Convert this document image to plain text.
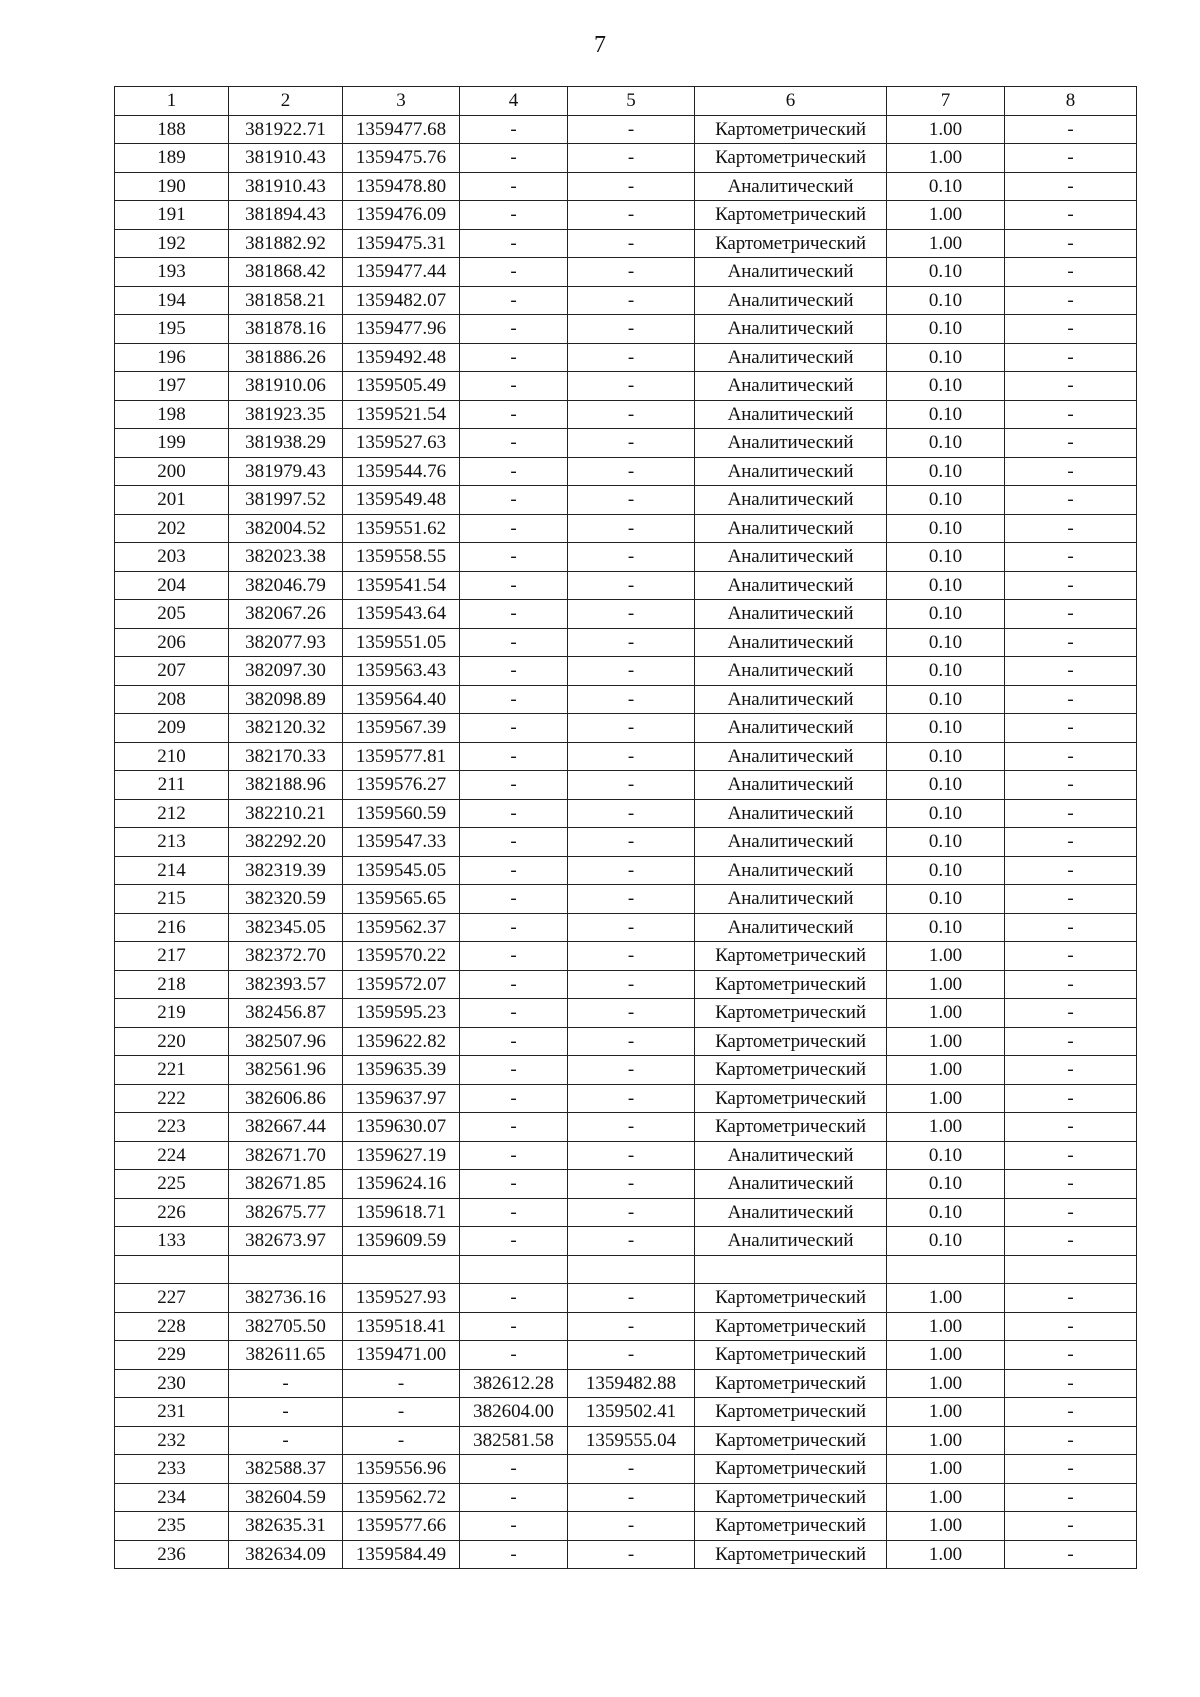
7
1	2	3	4	5	6	7	8
188	381922.71	1359477.68	-	-	Картометрический	1.00	-
189	381910.43	1359475.76	-	-	Картометрический	1.00	-
190	381910.43	1359478.80	-	-	Аналитический	0.10	-
191	381894.43	1359476.09	-	-	Картометрический	1.00	-
192	381882.92	1359475.31	-	-	Картометрический	1.00	-
193	381868.42	1359477.44	-	-	Аналитический	0.10	-
194	381858.21	1359482.07	-	-	Аналитический	0.10	-
195	381878.16	1359477.96	-	-	Аналитический	0.10	-
196	381886.26	1359492.48	-	-	Аналитический	0.10	-
197	381910.06	1359505.49	-	-	Аналитический	0.10	-
198	381923.35	1359521.54	-	-	Аналитический	0.10	-
199	381938.29	1359527.63	-	-	Аналитический	0.10	-
200	381979.43	1359544.76	-	-	Аналитический	0.10	-
201	381997.52	1359549.48	-	-	Аналитический	0.10	-
202	382004.52	1359551.62	-	-	Аналитический	0.10	-
203	382023.38	1359558.55	-	-	Аналитический	0.10	-
204	382046.79	1359541.54	-	-	Аналитический	0.10	-
205	382067.26	1359543.64	-	-	Аналитический	0.10	-
206	382077.93	1359551.05	-	-	Аналитический	0.10	-
207	382097.30	1359563.43	-	-	Аналитический	0.10	-
208	382098.89	1359564.40	-	-	Аналитический	0.10	-
209	382120.32	1359567.39	-	-	Аналитический	0.10	-
210	382170.33	1359577.81	-	-	Аналитический	0.10	-
211	382188.96	1359576.27	-	-	Аналитический	0.10	-
212	382210.21	1359560.59	-	-	Аналитический	0.10	-
213	382292.20	1359547.33	-	-	Аналитический	0.10	-
214	382319.39	1359545.05	-	-	Аналитический	0.10	-
215	382320.59	1359565.65	-	-	Аналитический	0.10	-
216	382345.05	1359562.37	-	-	Аналитический	0.10	-
217	382372.70	1359570.22	-	-	Картометрический	1.00	-
218	382393.57	1359572.07	-	-	Картометрический	1.00	-
219	382456.87	1359595.23	-	-	Картометрический	1.00	-
220	382507.96	1359622.82	-	-	Картометрический	1.00	-
221	382561.96	1359635.39	-	-	Картометрический	1.00	-
222	382606.86	1359637.97	-	-	Картометрический	1.00	-
223	382667.44	1359630.07	-	-	Картометрический	1.00	-
224	382671.70	1359627.19	-	-	Аналитический	0.10	-
225	382671.85	1359624.16	-	-	Аналитический	0.10	-
226	382675.77	1359618.71	-	-	Аналитический	0.10	-
133	382673.97	1359609.59	-	-	Аналитический	0.10	-

227	382736.16	1359527.93	-	-	Картометрический	1.00	-
228	382705.50	1359518.41	-	-	Картометрический	1.00	-
229	382611.65	1359471.00	-	-	Картометрический	1.00	-
230	-	-	382612.28	1359482.88	Картометрический	1.00	-
231	-	-	382604.00	1359502.41	Картометрический	1.00	-
232	-	-	382581.58	1359555.04	Картометрический	1.00	-
233	382588.37	1359556.96	-	-	Картометрический	1.00	-
234	382604.59	1359562.72	-	-	Картометрический	1.00	-
235	382635.31	1359577.66	-	-	Картометрический	1.00	-
236	382634.09	1359584.49	-	-	Картометрический	1.00	-
